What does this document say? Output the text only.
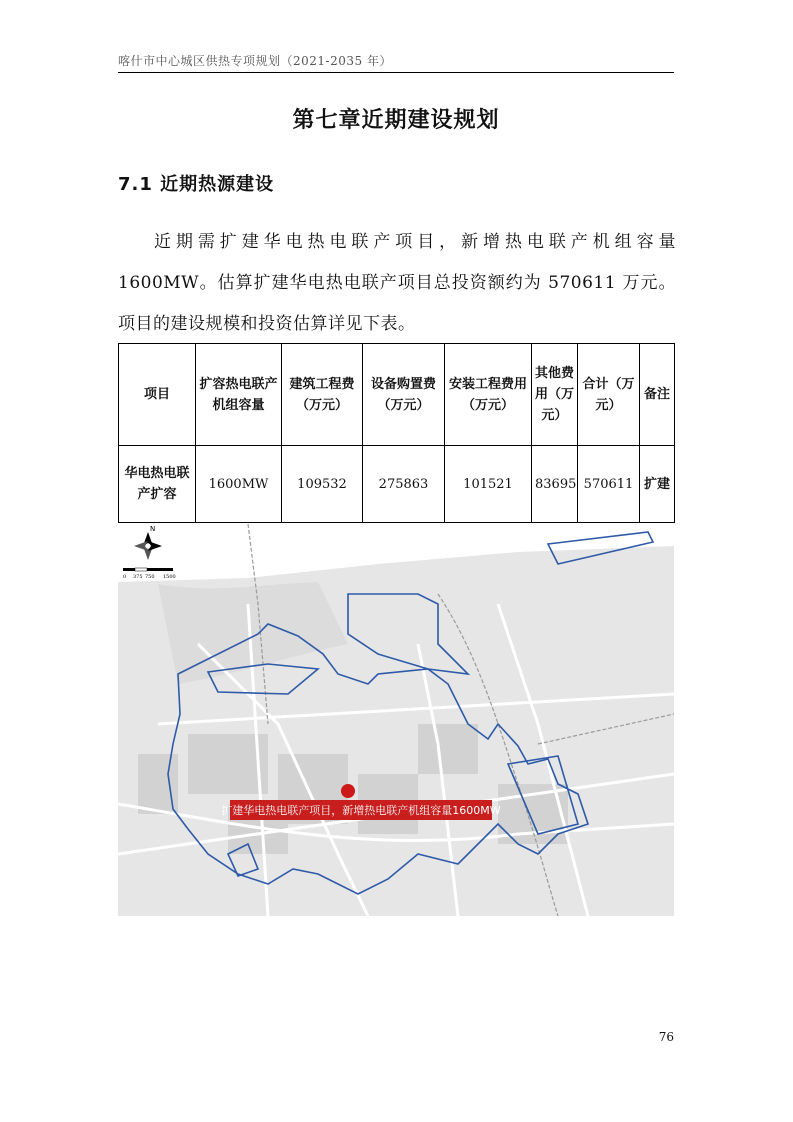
喀什市中心城区供热专项规划（2021-2035 年）
第七章近期建设规划
7.1 近期热源建设
近期需扩建华电热电联产项目，新增热电联产机组容量 1600MW。估算扩建华电热电联产项目总投资额约为 570611 万元。项目的建设规模和投资估算详见下表。
项目	扩容热电联产机组容量	建筑工程费（万元）	设备购置费（万元）	安装工程费用（万元）	其他费用（万元）	合计（万元）	备注
华电热电联产扩容	1600MW	109532	275863	101521	83695	570611	扩建
N
0 375 750 1500
扩建华电热电联产项目，新增热电联产机组容量1600MW
76
